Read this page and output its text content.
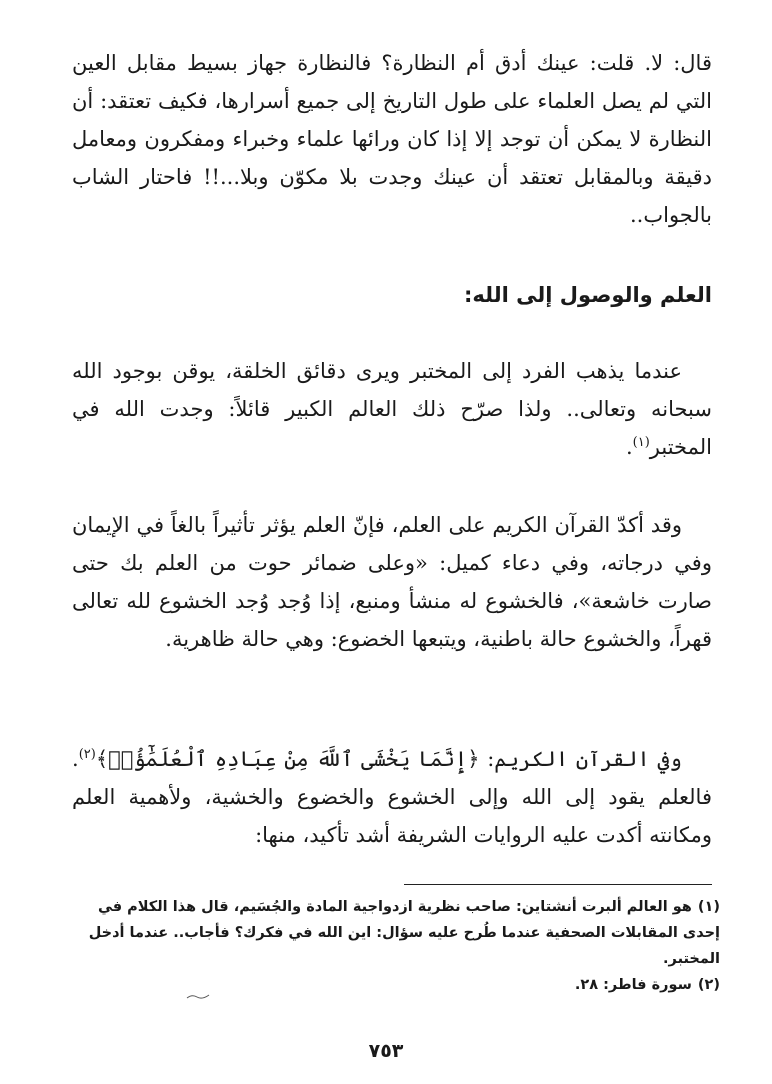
قال: لا. قلت: عينك أدق أم النظارة؟ فالنظارة جهاز بسيط مقابل العين التي لم يصل العلماء على طول التاريخ إلى جميع أسرارها، فكيف تعتقد: أن النظارة لا يمكن أن توجد إلا إذا كان ورائها علماء وخبراء ومفكرون ومعامل دقيقة وبالمقابل تعتقد أن عينك وجدت بلا مكوّن وبلا...!! فاحتار الشاب بالجواب..

العلم والوصول إلى الله:

عندما يذهب الفرد إلى المختبر ويرى دقائق الخلقة، يوقن بوجود الله سبحانه وتعالى.. ولذا صرّح ذلك العالم الكبير قائلاً: وجدت الله في المختبر$^{(١)}$.

وقد أكدّ القرآن الكريم على العلم، فإنّ العلم يؤثر تأثيراً بالغاً في الإيمان وفي درجاته، وفي دعاء كميل: «وعلى ضمائر حوت من العلم بك حتى صارت خاشعة»، فالخشوع له منشأ ومنبع، إذا وُجد وُجد الخشوع لله تعالى قهراً، والخشوع حالة باطنية، ويتبعها الخضوع: وهي حالة ظاهرية.

وفي القرآن الكريم: ﴿إِنَّمَا يَخْشَى ٱللَّهَ مِنْ عِبَادِهِ ٱلْعُلَمَٰٓؤُا۟﴾$^{(٢)}$. فالعلم يقود إلى الله وإلى الخشوع والخضوع والخشية، ولأهمية العلم ومكانته أكدت عليه الروايات الشريفة أشد تأكيد، منها:

(١)هو العالم ألبرت أنشتاين: صاحب نظرية ازدواجية المادة والجُسَيم، قال هذا الكلام في إحدى المقابلات الصحفية عندما طُرح عليه سؤال: اين الله في فكرك؟ فأجاب.. عندما أدخل المختبر.

(٢)سورة فاطر: ٢٨.

٧٥٣
